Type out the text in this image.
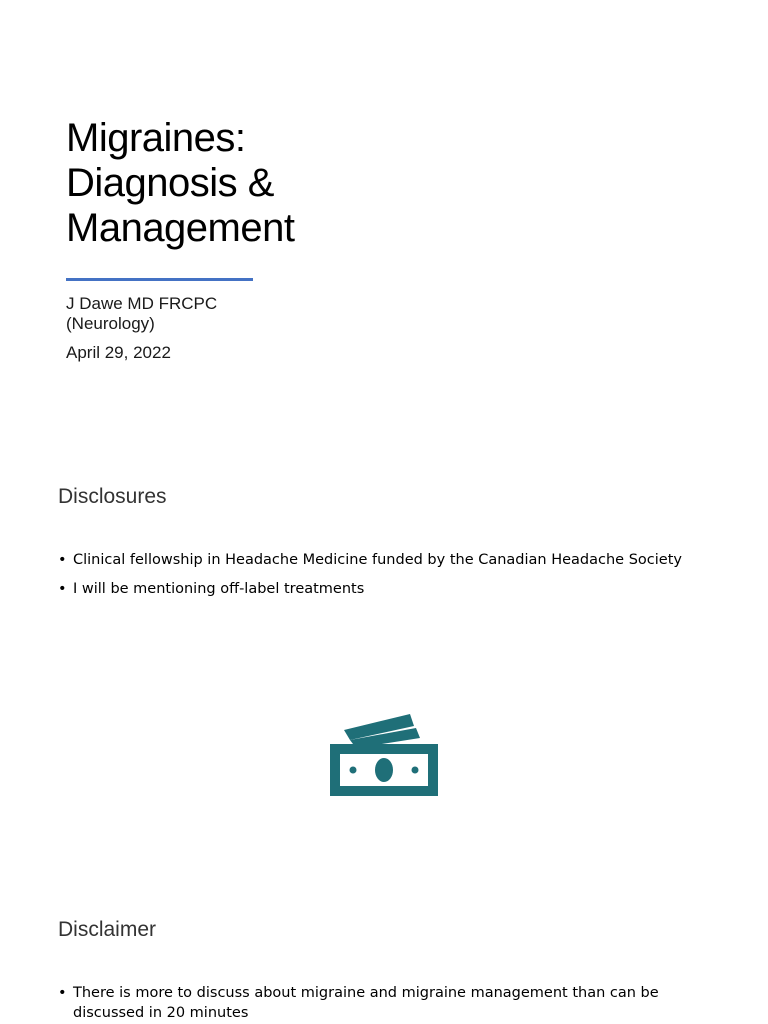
Migraines:
Diagnosis &
Management
J Dawe MD FRCPC
(Neurology)
April 29, 2022
Disclosures
• Clinical fellowship in Headache Medicine funded by the Canadian Headache Society
• I will be mentioning off-label treatments
Disclaimer
• There is more to discuss about migraine and migraine management than can be discussed in 20 minutes
